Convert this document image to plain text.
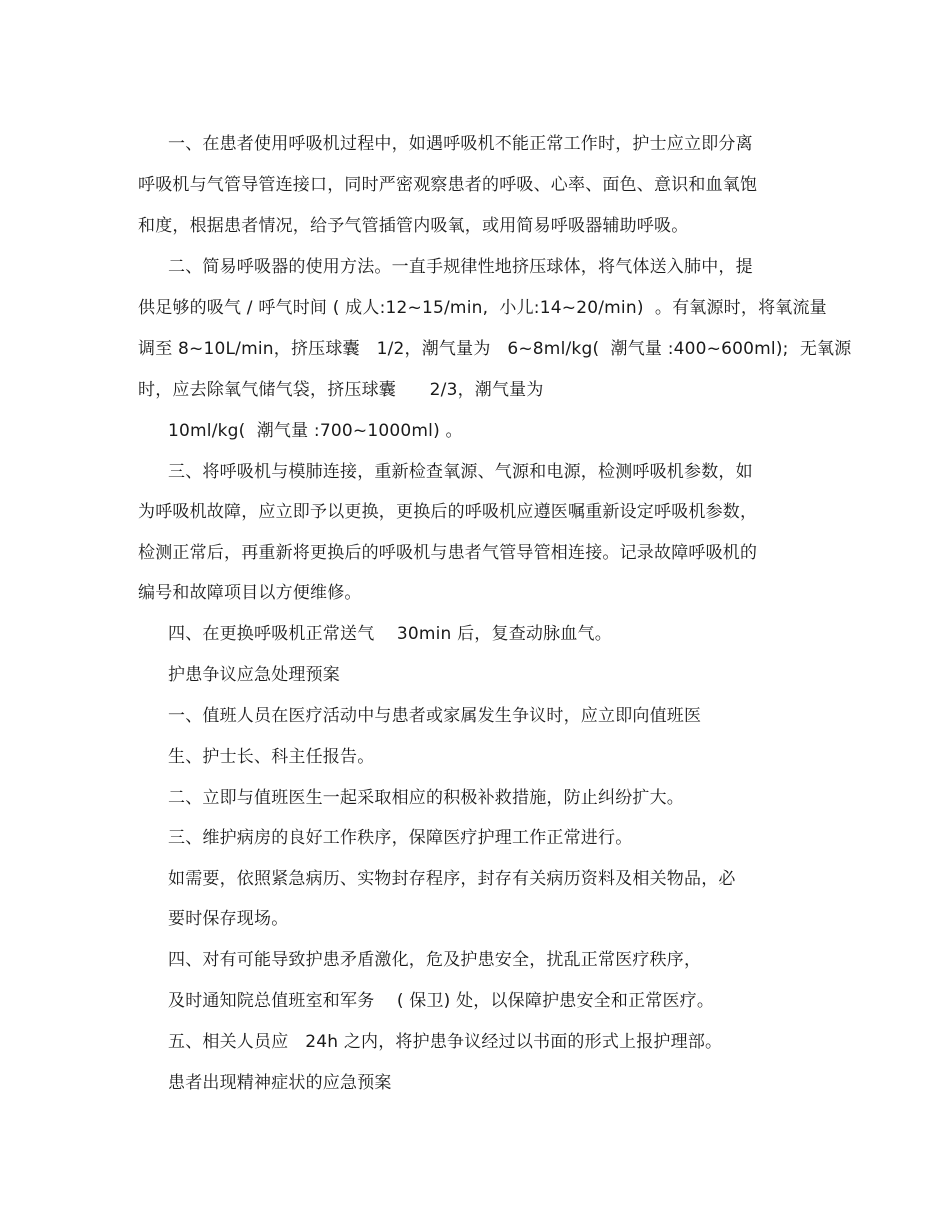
一、在患者使用呼吸机过程中，如遇呼吸机不能正常工作时，护士应立即分离
呼吸机与气管导管连接口，同时严密观察患者的呼吸、心率、面色、意识和血氧饱
和度，根据患者情况，给予气管插管内吸氧，或用简易呼吸器辅助呼吸。
二、简易呼吸器的使用方法。一直手规律性地挤压球体，将气体送入肺中，提
供足够的吸气 / 呼气时间 ( 成人:12~15/min,  小儿:14~20/min)  。有氧源时，将氧流量
调至 8~10L/min，挤压球囊   1/2，潮气量为   6~8ml/kg(  潮气量 :400~600ml);  无氧源
时，应去除氧气储气袋，挤压球囊      2/3，潮气量为
10ml/kg(  潮气量 :700~1000ml) 。
三、将呼吸机与模肺连接，重新检查氧源、气源和电源，检测呼吸机参数，如
为呼吸机故障，应立即予以更换，更换后的呼吸机应遵医嘱重新设定呼吸机参数，
检测正常后，再重新将更换后的呼吸机与患者气管导管相连接。记录故障呼吸机的
编号和故障项目以方便维修。
四、在更换呼吸机正常送气    30min 后，复查动脉血气。
护患争议应急处理预案
一、值班人员在医疗活动中与患者或家属发生争议时，应立即向值班医
生、护士长、科主任报告。
二、立即与值班医生一起采取相应的积极补救措施，防止纠纷扩大。
三、维护病房的良好工作秩序，保障医疗护理工作正常进行。
如需要，依照紧急病历、实物封存程序，封存有关病历资料及相关物品，必
要时保存现场。
四、对有可能导致护患矛盾激化，危及护患安全，扰乱正常医疗秩序，
及时通知院总值班室和军务    ( 保卫) 处，以保障护患安全和正常医疗。
五、相关人员应   24h 之内，将护患争议经过以书面的形式上报护理部。
患者出现精神症状的应急预案
